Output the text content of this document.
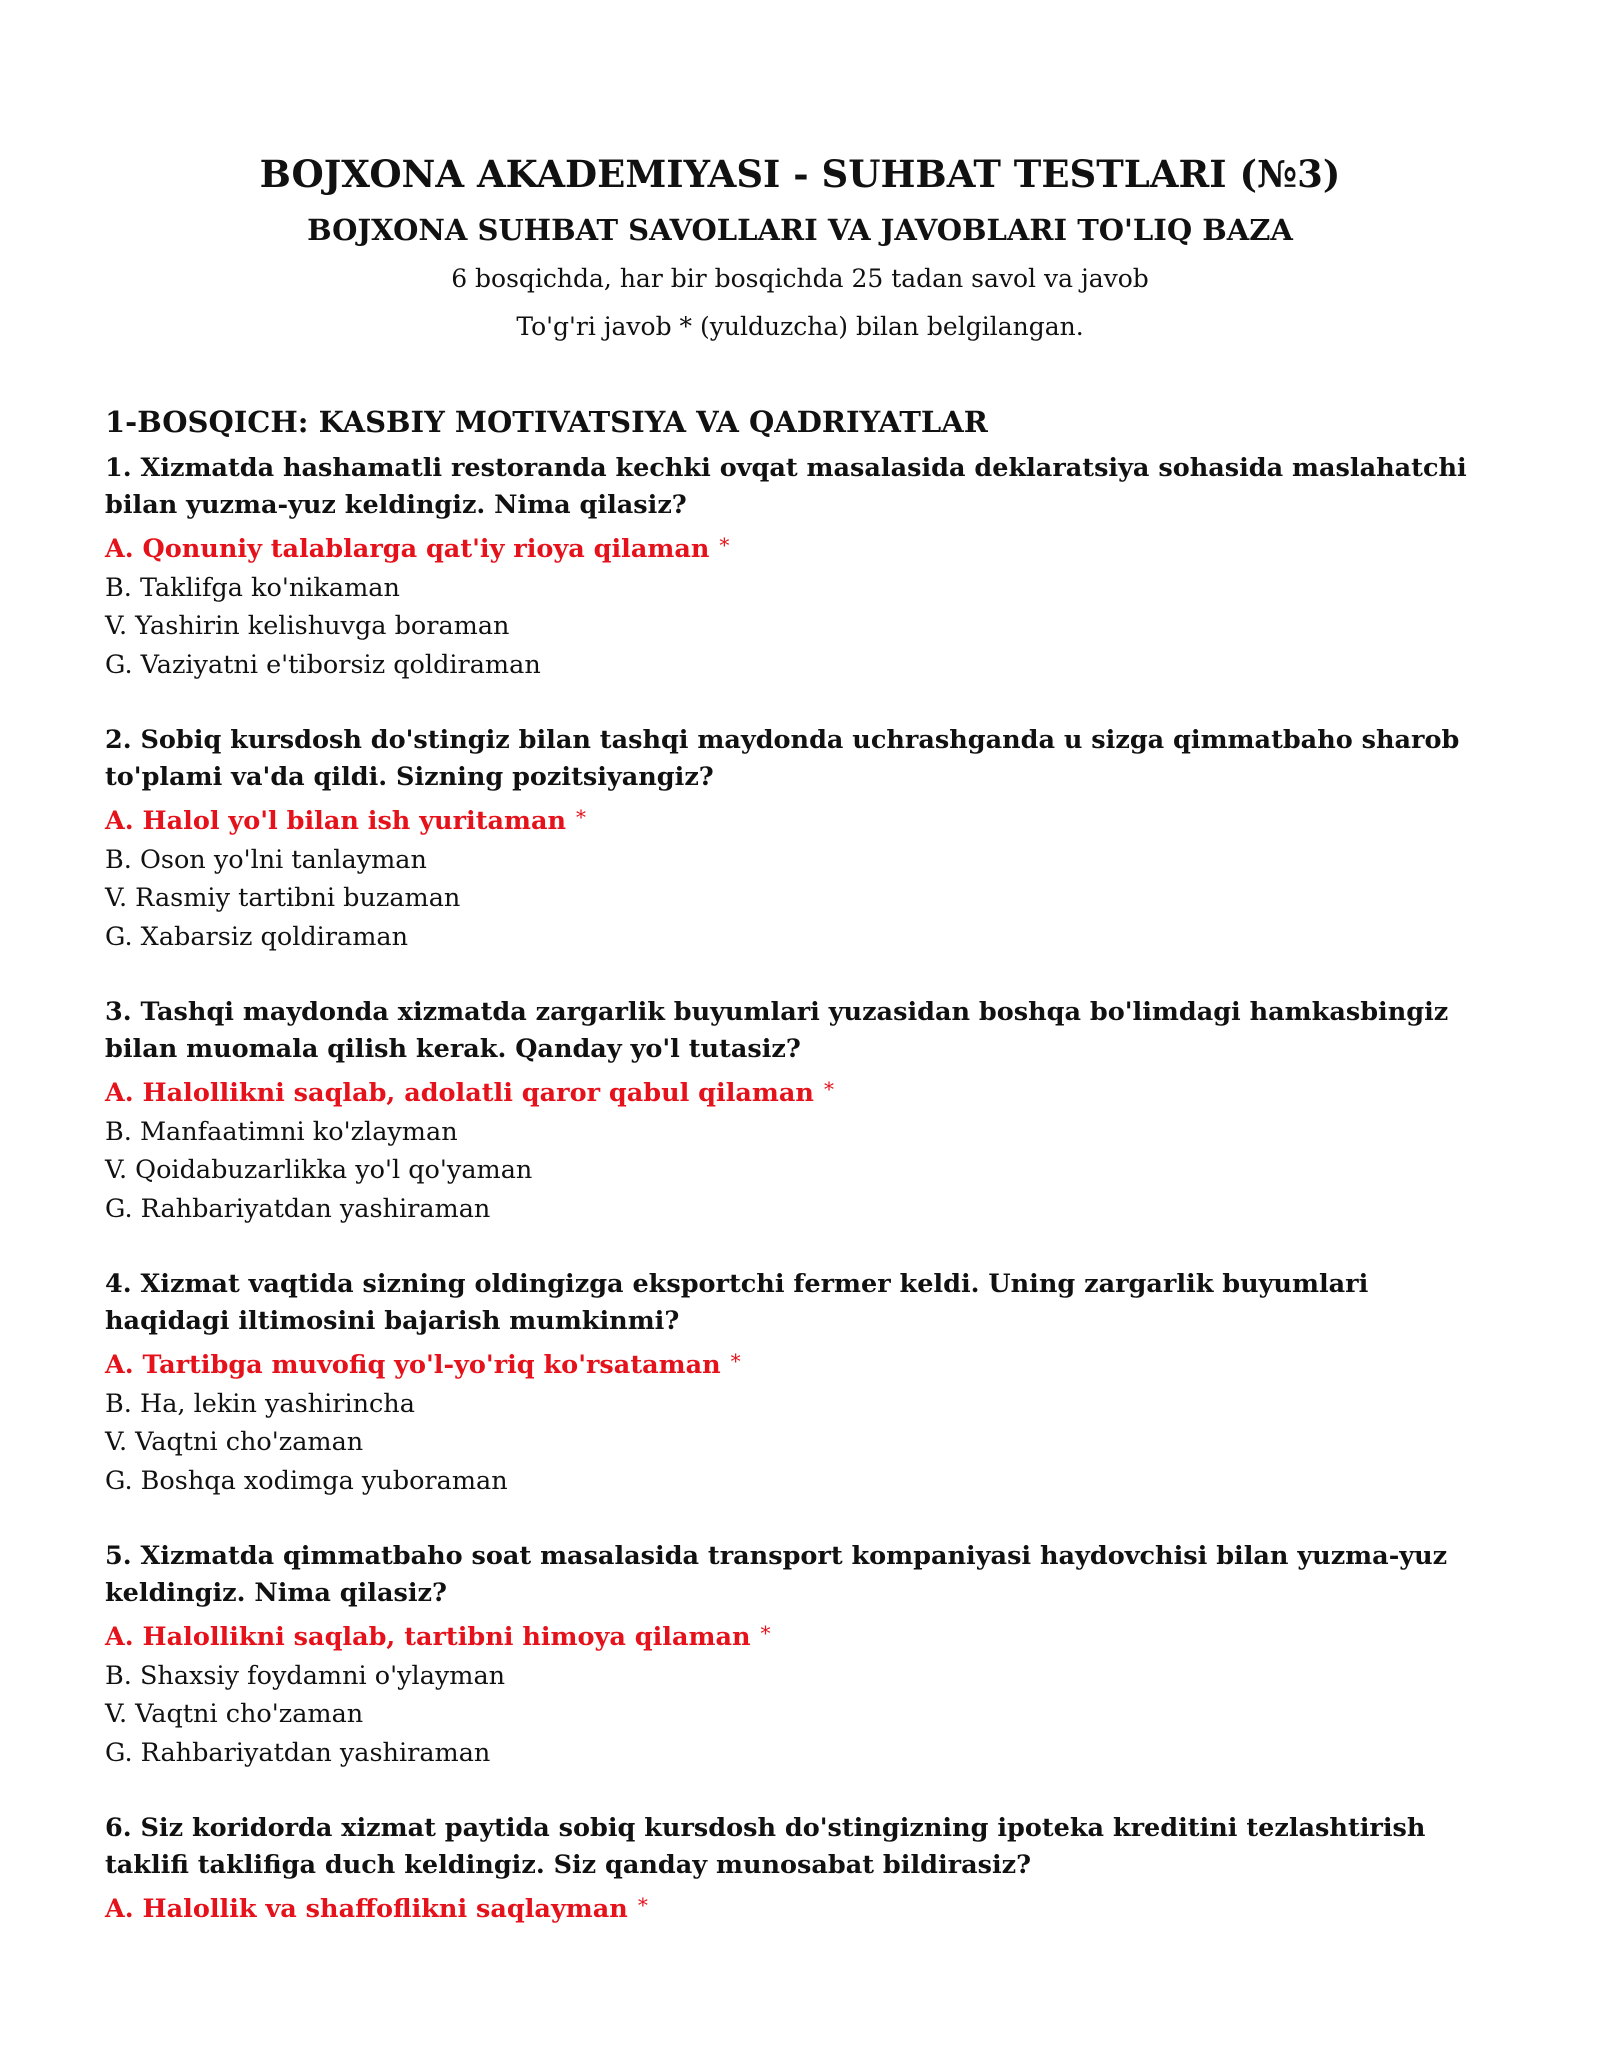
BOJXONA AKADEMIYASI - SUHBAT TESTLARI (№3)
BOJXONA SUHBAT SAVOLLARI VA JAVOBLARI TO'LIQ BAZA

6 bosqichda, har bir bosqichda 25 tadan savol va javob

To'g'ri javob * (yulduzcha) bilan belgilangan.

1-BOSQICH: KASBIY MOTIVATSIYA VA QADRIYATLAR

1. Xizmatda hashamatli restoranda kechki ovqat masalasida deklaratsiya sohasida maslahatchi bilan yuzma-yuz keldingiz. Nima qilasiz?

A. Qonuniy talablarga qat'iy rioya qilaman *
B. Taklifga ko'nikaman
V. Yashirin kelishuvga boraman
G. Vaziyatni e'tiborsiz qoldiraman

2. Sobiq kursdosh do'stingiz bilan tashqi maydonda uchrashganda u sizga qimmatbaho sharob to'plami va'da qildi. Sizning pozitsiyangiz?

A. Halol yo'l bilan ish yuritaman *
B. Oson yo'lni tanlayman
V. Rasmiy tartibni buzaman
G. Xabarsiz qoldiraman

3. Tashqi maydonda xizmatda zargarlik buyumlari yuzasidan boshqa bo'limdagi hamkasbingiz bilan muomala qilish kerak. Qanday yo'l tutasiz?

A. Halollikni saqlab, adolatli qaror qabul qilaman *
B. Manfaatimni ko'zlayman
V. Qoidabuzarlikka yo'l qo'yaman
G. Rahbariyatdan yashiraman

4. Xizmat vaqtida sizning oldingizga eksportchi fermer keldi. Uning zargarlik buyumlari haqidagi iltimosini bajarish mumkinmi?

A. Tartibga muvofiq yo'l-yo'riq ko'rsataman *
B. Ha, lekin yashirincha
V. Vaqtni cho'zaman
G. Boshqa xodimga yuboraman

5. Xizmatda qimmatbaho soat masalasida transport kompaniyasi haydovchisi bilan yuzma-yuz keldingiz. Nima qilasiz?

A. Halollikni saqlab, tartibni himoya qilaman *
B. Shaxsiy foydamni o'ylayman
V. Vaqtni cho'zaman
G. Rahbariyatdan yashiraman

6. Siz koridorda xizmat paytida sobiq kursdosh do'stingizning ipoteka kreditini tezlashtirish taklifi taklifiga duch keldingiz. Siz qanday munosabat bildirasiz?

A. Halollik va shaffoflikni saqlayman *
